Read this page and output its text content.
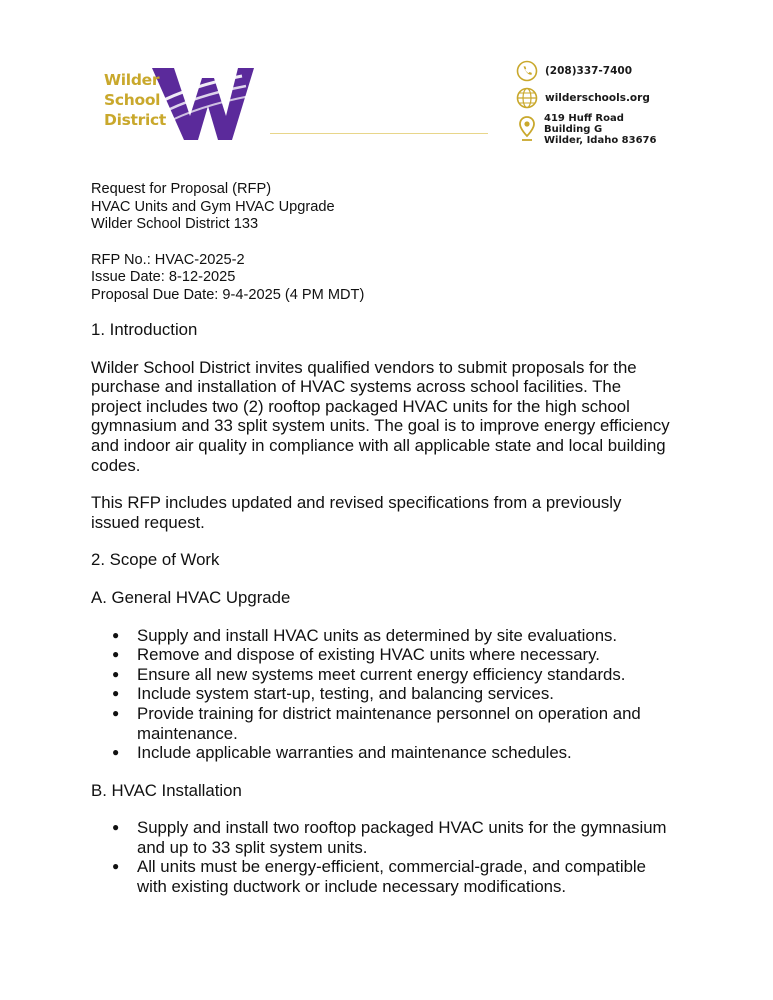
Wilder
School
District
(208)337-7400
wilderschools.org
419 Huff Road
Building G
Wilder, Idaho 83676
Request for Proposal (RFP)
HVAC Units and Gym HVAC Upgrade
Wilder School District 133
RFP No.: HVAC-2025-2
Issue Date: 8-12-2025
Proposal Due Date: 9-4-2025 (4 PM MDT)
1. Introduction
Wilder School District invites qualified vendors to submit proposals for the
purchase and installation of HVAC systems across school facilities. The
project includes two (2) rooftop packaged HVAC units for the high school
gymnasium and 33 split system units. The goal is to improve energy efficiency
and indoor air quality in compliance with all applicable state and local building
codes.
This RFP includes updated and revised specifications from a previously
issued request.
2. Scope of Work
A. General HVAC Upgrade
● Supply and install HVAC units as determined by site evaluations.
● Remove and dispose of existing HVAC units where necessary.
● Ensure all new systems meet current energy efficiency standards.
● Include system start-up, testing, and balancing services.
● Provide training for district maintenance personnel on operation and
maintenance.
● Include applicable warranties and maintenance schedules.
B. HVAC Installation
● Supply and install two rooftop packaged HVAC units for the gymnasium
and up to 33 split system units.
● All units must be energy-efficient, commercial-grade, and compatible
with existing ductwork or include necessary modifications.
